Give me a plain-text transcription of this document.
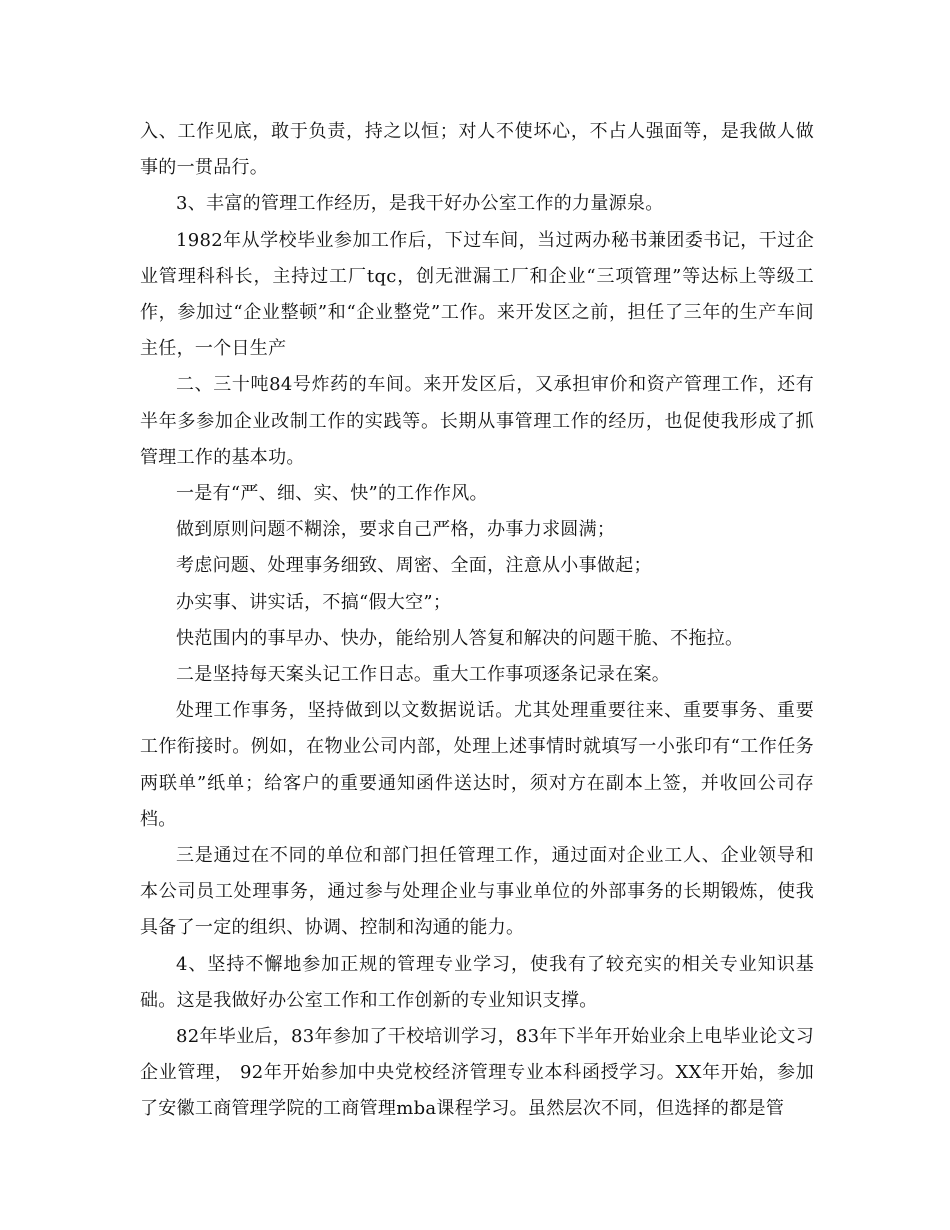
入、工作见底，敢于负责，持之以恒；对人不使坏心，不占人强面等，是我做人做事的一贯品行。

3、丰富的管理工作经历，是我干好办公室工作的力量源泉。

1982年从学校毕业参加工作后，下过车间，当过两办秘书兼团委书记，干过企业管理科科长，主持过工厂tqc，创无泄漏工厂和企业“三项管理”等达标上等级工作，参加过“企业整顿”和“企业整党”工作。来开发区之前，担任了三年的生产车间主任，一个日生产

二、三十吨84号炸药的车间。来开发区后，又承担审价和资产管理工作，还有半年多参加企业改制工作的实践等。长期从事管理工作的经历，也促使我形成了抓管理工作的基本功。

一是有“严、细、实、快”的工作作风。

做到原则问题不糊涂，要求自己严格，办事力求圆满；

考虑问题、处理事务细致、周密、全面，注意从小事做起；

办实事、讲实话，不搞“假大空”；

快范围内的事早办、快办，能给别人答复和解决的问题干脆、不拖拉。

二是坚持每天案头记工作日志。重大工作事项逐条记录在案。

处理工作事务，坚持做到以文数据说话。尤其处理重要往来、重要事务、重要工作衔接时。例如，在物业公司内部，处理上述事情时就填写一小张印有“工作任务两联单”纸单；给客户的重要通知函件送达时，须对方在副本上签，并收回公司存档。

三是通过在不同的单位和部门担任管理工作，通过面对企业工人、企业领导和本公司员工处理事务，通过参与处理企业与事业单位的外部事务的长期锻炼，使我具备了一定的组织、协调、控制和沟通的能力。

4、坚持不懈地参加正规的管理专业学习，使我有了较充实的相关专业知识基础。这是我做好办公室工作和工作创新的专业知识支撑。

82年毕业后，83年参加了干校培训学习，83年下半年开始业余上电毕业论文习企业管理， 92年开始参加中央党校经济管理专业本科函授学习。XX年开始，参加了安徽工商管理学院的工商管理mba课程学习。虽然层次不同，但选择的都是管
